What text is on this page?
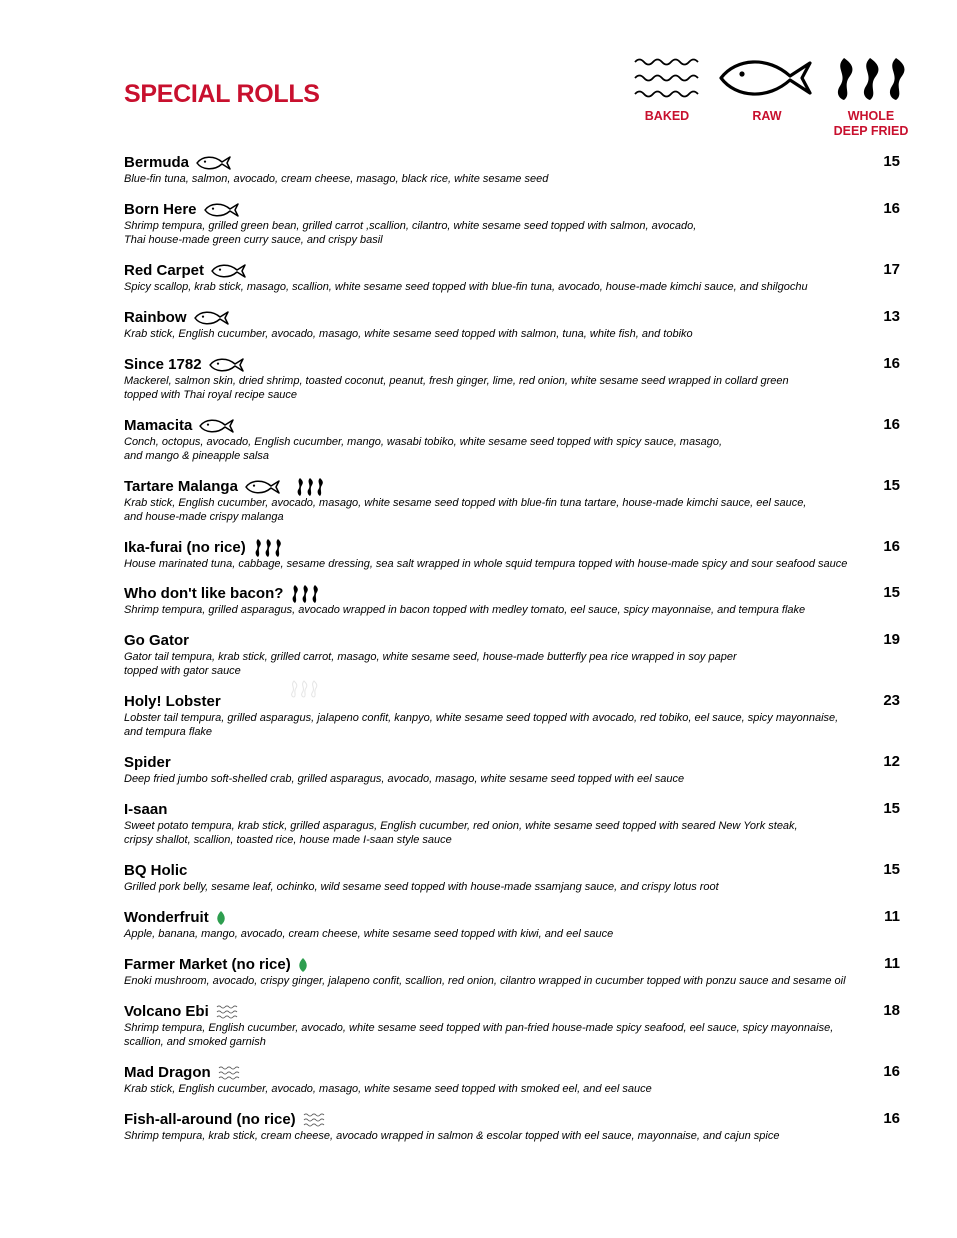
SPECIAL ROLLS
BAKED	RAW	WHOLE
DEEP FRIED
Bermuda	15
Blue-fin tuna, salmon, avocado, cream cheese, masago, black rice, white sesame seed
Born Here	16
Shrimp tempura, grilled green bean, grilled carrot ,scallion, cilantro, white sesame seed topped with salmon, avocado,
Thai house-made green curry sauce, and crispy basil
Red Carpet	17
Spicy scallop, krab stick, masago, scallion, white sesame seed topped with blue-fin tuna, avocado, house-made kimchi sauce, and shilgochu
Rainbow	13
Krab stick, English cucumber, avocado, masago, white sesame seed topped with salmon, tuna, white fish, and tobiko
Since 1782	16
Mackerel, salmon skin, dried shrimp, toasted coconut, peanut, fresh ginger, lime, red onion, white sesame seed wrapped in collard green
topped with Thai royal recipe sauce
Mamacita	16
Conch, octopus, avocado, English cucumber, mango, wasabi tobiko, white sesame seed topped with spicy sauce, masago,
and mango & pineapple salsa
Tartare Malanga	15
Krab stick, English cucumber, avocado, masago, white sesame seed topped with blue-fin tuna tartare, house-made kimchi sauce, eel sauce,
and house-made crispy malanga
Ika-furai (no rice)	16
House marinated tuna, cabbage, sesame dressing, sea salt wrapped in whole squid tempura topped with house-made spicy and sour seafood sauce
Who don't like bacon?	15
Shrimp tempura, grilled asparagus, avocado wrapped in bacon topped with medley tomato, eel sauce, spicy mayonnaise, and tempura flake
Go Gator	19
Gator tail tempura, krab stick, grilled carrot, masago, white sesame seed, house-made butterfly pea rice wrapped in soy paper
topped with gator sauce
Holy! Lobster	23
Lobster tail tempura, grilled asparagus, jalapeno confit, kanpyo, white sesame seed topped with avocado, red tobiko, eel sauce, spicy mayonnaise,
and tempura flake
Spider	12
Deep fried jumbo soft-shelled crab, grilled asparagus, avocado, masago, white sesame seed topped with eel sauce
I-saan	15
Sweet potato tempura, krab stick, grilled asparagus, English cucumber, red onion, white sesame seed topped with seared New York steak,
cripsy shallot, scallion, toasted rice, house made I-saan style sauce
BQ Holic	15
Grilled pork belly, sesame leaf, ochinko, wild sesame seed topped with house-made ssamjang sauce, and crispy lotus root
Wonderfruit	11
Apple, banana, mango, avocado, cream cheese, white sesame seed topped with kiwi, and eel sauce
Farmer Market (no rice)	11
Enoki mushroom, avocado, crispy ginger, jalapeno confit, scallion, red onion, cilantro wrapped in cucumber topped with ponzu sauce and sesame oil
Volcano Ebi	18
Shrimp tempura, English cucumber, avocado, white sesame seed topped with pan-fried house-made spicy seafood, eel sauce, spicy mayonnaise,
scallion, and smoked garnish
Mad Dragon	16
Krab stick, English cucumber, avocado, masago, white sesame seed topped with smoked eel, and eel sauce
Fish-all-around (no rice)	16
Shrimp tempura, krab stick, cream cheese, avocado wrapped in salmon & escolar topped with eel sauce, mayonnaise, and cajun spice
